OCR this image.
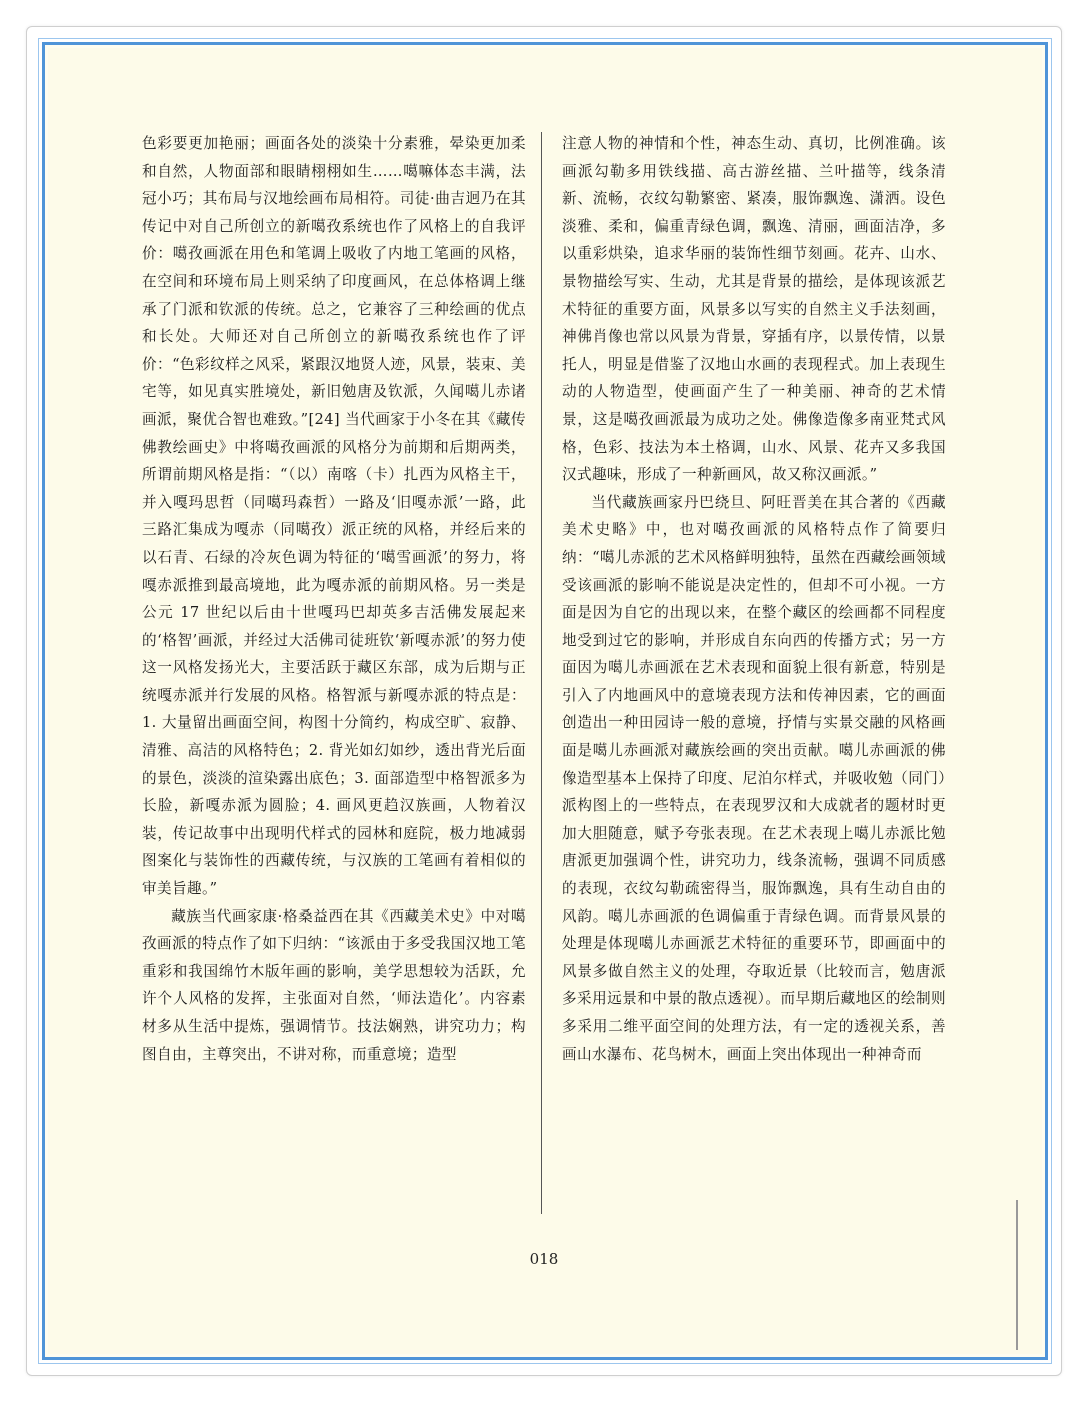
色彩要更加艳丽；画面各处的淡染十分素雅，晕染更加柔和自然，人物面部和眼睛栩栩如生……噶嘛体态丰满，法冠小巧；其布局与汉地绘画布局相符。司徒·曲吉迥乃在其传记中对自己所创立的新噶孜系统也作了风格上的自我评价：噶孜画派在用色和笔调上吸收了内地工笔画的风格，在空间和环境布局上则采纳了印度画风，在总体格调上继承了门派和钦派的传统。总之，它兼容了三种绘画的优点和长处。大师还对自己所创立的新噶孜系统也作了评价：“色彩纹样之风采，紧跟汉地贤人迹，风景，装束、美宅等，如见真实胜境处，新旧勉唐及钦派，久闻噶儿赤诸画派，聚优合智也难致。”[24] 当代画家于小冬在其《藏传佛教绘画史》中将噶孜画派的风格分为前期和后期两类，所谓前期风格是指：“（以）南喀（卡）扎西为风格主干，并入嘎玛思哲（同噶玛森哲）一路及‘旧嘎赤派’一路，此三路汇集成为嘎赤（同噶孜）派正统的风格，并经后来的以石青、石绿的冷灰色调为特征的‘噶雪画派’的努力，将嘎赤派推到最高境地，此为嘎赤派的前期风格。另一类是公元 17 世纪以后由十世嘎玛巴却英多吉活佛发展起来的‘格智’画派，并经过大活佛司徒班钦‘新嘎赤派’的努力使这一风格发扬光大，主要活跃于藏区东部，成为后期与正统嘎赤派并行发展的风格。格智派与新嘎赤派的特点是：1. 大量留出画面空间，构图十分简约，构成空旷、寂静、清雅、高洁的风格特色；2. 背光如幻如纱，透出背光后面的景色，淡淡的渲染露出底色；3. 面部造型中格智派多为长脸，新嘎赤派为圆脸；4. 画风更趋汉族画，人物着汉装，传记故事中出现明代样式的园林和庭院，极力地减弱图案化与装饰性的西藏传统，与汉族的工笔画有着相似的审美旨趣。”

藏族当代画家康·格桑益西在其《西藏美术史》中对噶孜画派的特点作了如下归纳：“该派由于多受我国汉地工笔重彩和我国绵竹木版年画的影响，美学思想较为活跃，允许个人风格的发挥，主张面对自然，‘师法造化’。内容素材多从生活中提炼，强调情节。技法娴熟，讲究功力；构图自由，主尊突出，不讲对称，而重意境；造型

注意人物的神情和个性，神态生动、真切，比例准确。该画派勾勒多用铁线描、高古游丝描、兰叶描等，线条清新、流畅，衣纹勾勒繁密、紧凑，服饰飘逸、潇洒。设色淡雅、柔和，偏重青绿色调，飘逸、清丽，画面洁净，多以重彩烘染，追求华丽的装饰性细节刻画。花卉、山水、景物描绘写实、生动，尤其是背景的描绘，是体现该派艺术特征的重要方面，风景多以写实的自然主义手法刻画，神佛肖像也常以风景为背景，穿插有序，以景传情，以景托人，明显是借鉴了汉地山水画的表现程式。加上表现生动的人物造型，使画面产生了一种美丽、神奇的艺术情景，这是噶孜画派最为成功之处。佛像造像多南亚梵式风格，色彩、技法为本土格调，山水、风景、花卉又多我国汉式趣味，形成了一种新画风，故又称汉画派。”

当代藏族画家丹巴绕旦、阿旺晋美在其合著的《西藏美术史略》中，也对噶孜画派的风格特点作了简要归纳：“噶儿赤派的艺术风格鲜明独特，虽然在西藏绘画领域受该画派的影响不能说是决定性的，但却不可小视。一方面是因为自它的出现以来，在整个藏区的绘画都不同程度地受到过它的影响，并形成自东向西的传播方式；另一方面因为噶儿赤画派在艺术表现和面貌上很有新意，特别是引入了内地画风中的意境表现方法和传神因素，它的画面创造出一种田园诗一般的意境，抒情与实景交融的风格画面是噶儿赤画派对藏族绘画的突出贡献。噶儿赤画派的佛像造型基本上保持了印度、尼泊尔样式，并吸收勉（同门）派构图上的一些特点，在表现罗汉和大成就者的题材时更加大胆随意，赋予夸张表现。在艺术表现上噶儿赤派比勉唐派更加强调个性，讲究功力，线条流畅，强调不同质感的表现，衣纹勾勒疏密得当，服饰飘逸，具有生动自由的风韵。噶儿赤画派的色调偏重于青绿色调。而背景风景的处理是体现噶儿赤画派艺术特征的重要环节，即画面中的风景多做自然主义的处理，夺取近景（比较而言，勉唐派多采用远景和中景的散点透视）。而早期后藏地区的绘制则多采用二维平面空间的处理方法，有一定的透视关系，善画山水瀑布、花鸟树木，画面上突出体现出一种神奇而

018
